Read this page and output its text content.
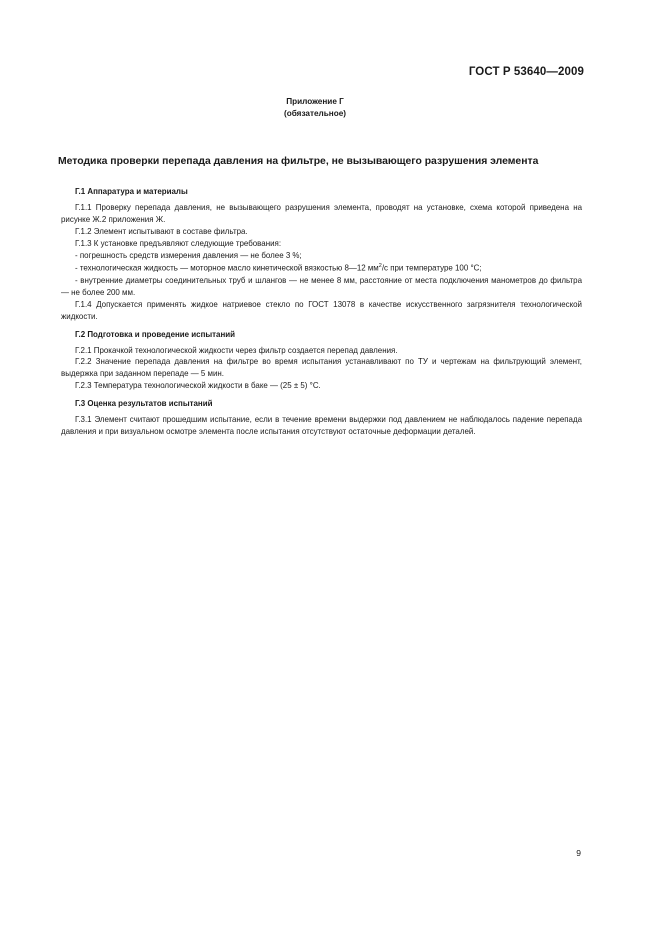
ГОСТ Р 53640—2009
Приложение Г
(обязательное)
Методика проверки перепада давления на фильтре, не вызывающего разрушения элемента

Г.1 Аппаратура и материалы

Г.1.1 Проверку перепада давления, не вызывающего разрушения элемента, проводят на установке, схема которой приведена на рисунке Ж.2 приложения Ж.

Г.1.2 Элемент испытывают в составе фильтра.

Г.1.3 К установке предъявляют следующие требования:

- погрешность средств измерения давления — не более 3 %;

- технологическая жидкость — моторное масло кинетической вязкостью 8—12 $мм^2/с$ при температуре 100 °С;

- внутренние диаметры соединительных труб и шлангов — не менее 8 мм, расстояние от места подключения манометров до фильтра — не более 200 мм.

Г.1.4 Допускается применять жидкое натриевое стекло по ГОСТ 13078 в качестве искусственного загрязнителя технологической жидкости.

Г.2 Подготовка и проведение испытаний

Г.2.1 Прокачкой технологической жидкости через фильтр создается перепад давления.

Г.2.2 Значение перепада давления на фильтре во время испытания устанавливают по ТУ и чертежам на фильтрующий элемент, выдержка при заданном перепаде — 5 мин.

Г.2.3 Температура технологической жидкости в баке — (25 ± 5) °С.

Г.3 Оценка результатов испытаний

Г.3.1 Элемент считают прошедшим испытание, если в течение времени выдержки под давлением не наблюдалось падение перепада давления и при визуальном осмотре элемента после испытания отсутствуют остаточные деформации деталей.

9
